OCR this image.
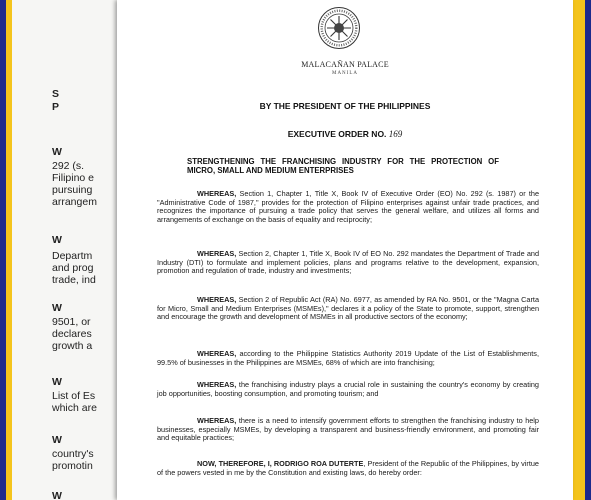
S
P
W
292 (s.
Filipino e
pursuing
arrangem
W
Departm
and prog
trade, ind
W
9501, or
declares
growth a
W
List of Es
which are
W
country's
promotin
W
MALACAÑAN PALACE
MANILA
BY THE PRESIDENT OF THE PHILIPPINES
EXECUTIVE ORDER NO. 169
STRENGTHENING THE FRANCHISING INDUSTRY FOR THE PROTECTION OF MICRO, SMALL AND MEDIUM ENTERPRISES
WHEREAS, Section 1, Chapter 1, Title X, Book IV of Executive Order (EO) No. 292 (s. 1987) or the "Administrative Code of 1987," provides for the protection of Filipino enterprises against unfair trade practices, and recognizes the importance of pursuing a trade policy that serves the general welfare, and utilizes all forms and arrangements of exchange on the basis of equality and reciprocity;
WHEREAS, Section 2, Chapter 1, Title X, Book IV of EO No. 292 mandates the Department of Trade and Industry (DTI) to formulate and implement policies, plans and programs relative to the development, expansion, promotion and regulation of trade, industry and investments;
WHEREAS, Section 2 of Republic Act (RA) No. 6977, as amended by RA No. 9501, or the "Magna Carta for Micro, Small and Medium Enterprises (MSMEs)," declares it a policy of the State to promote, support, strengthen and encourage the growth and development of MSMEs in all productive sectors of the economy;
WHEREAS, according to the Philippine Statistics Authority 2019 Update of the List of Establishments, 99.5% of businesses in the Philippines are MSMEs, 68% of which are into franchising;
WHEREAS, the franchising industry plays a crucial role in sustaining the country's economy by creating job opportunities, boosting consumption, and promoting tourism; and
WHEREAS, there is a need to intensify government efforts to strengthen the franchising industry to help businesses, especially MSMEs, by developing a transparent and business-friendly environment, and promoting fair and equitable practices;
NOW, THEREFORE, I, RODRIGO ROA DUTERTE, President of the Republic of the Philippines, by virtue of the powers vested in me by the Constitution and existing laws, do hereby order:
